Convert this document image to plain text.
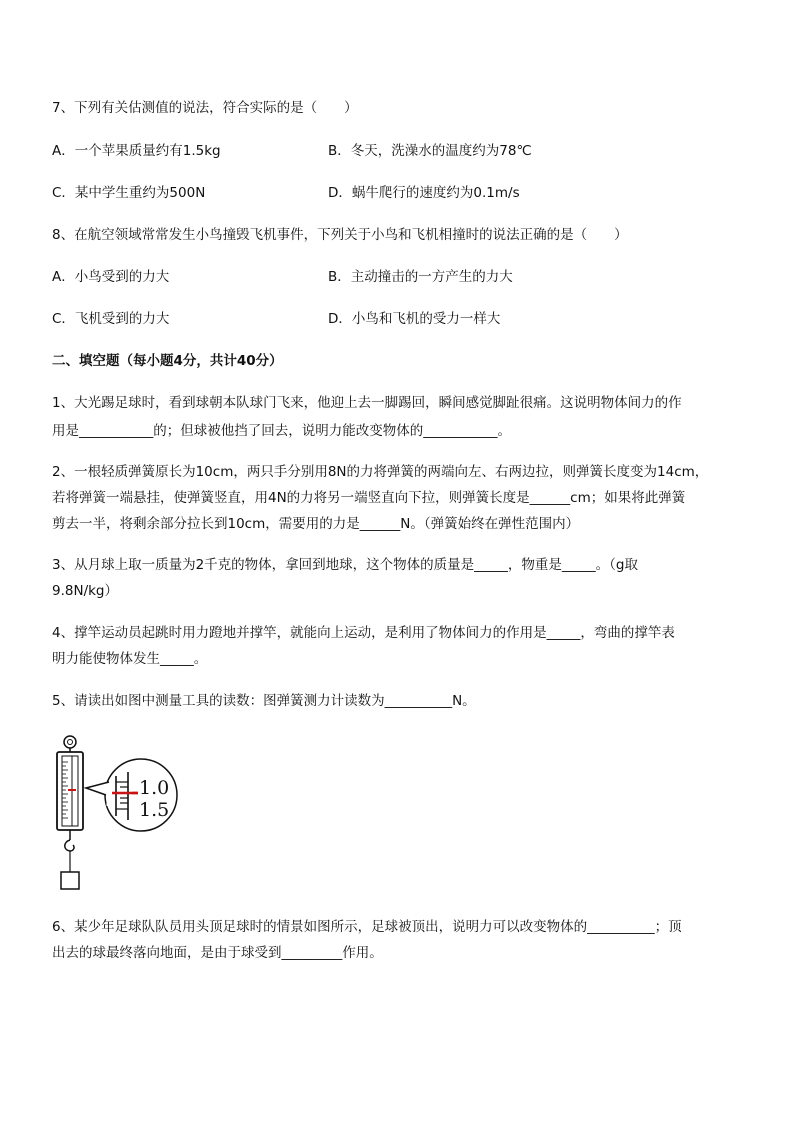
7、下列有关估测值的说法，符合实际的是（　　）
A．一个苹果质量约有1.5kg	B．冬天，洗澡水的温度约为78℃
C．某中学生重约为500N	D．蜗牛爬行的速度约为0.1m/s
8、在航空领域常常发生小鸟撞毁飞机事件，下列关于小鸟和飞机相撞时的说法正确的是（　　）
A．小鸟受到的力大	B．主动撞击的一方产生的力大
C．飞机受到的力大	D．小鸟和飞机的受力一样大
二、填空题（每小题4分，共计40分）
1、大光踢足球时，看到球朝本队球门飞来，他迎上去一脚踢回，瞬间感觉脚趾很痛。这说明物体间力的作
用是___________的；但球被他挡了回去，说明力能改变物体的___________。
2、一根轻质弹簧原长为10cm，两只手分别用8N的力将弹簧的两端向左、右两边拉，则弹簧长度变为14cm，
若将弹簧一端悬挂，使弹簧竖直，用4N的力将另一端竖直向下拉，则弹簧长度是______cm；如果将此弹簧
剪去一半，将剩余部分拉长到10cm，需要用的力是______N。（弹簧始终在弹性范围内）
3、从月球上取一质量为2千克的物体，拿回到地球，这个物体的质量是_____，物重是_____。（g取
9.8N/kg）
4、撑竿运动员起跳时用力蹬地并撑竿，就能向上运动，是利用了物体间力的作用是_____，弯曲的撑竿表
明力能使物体发生_____。
5、请读出如图中测量工具的读数：图弹簧测力计读数为__________N。
1.0
1.5
6、某少年足球队队员用头顶足球时的情景如图所示，足球被顶出，说明力可以改变物体的__________；顶
出去的球最终落向地面，是由于球受到_________作用。
